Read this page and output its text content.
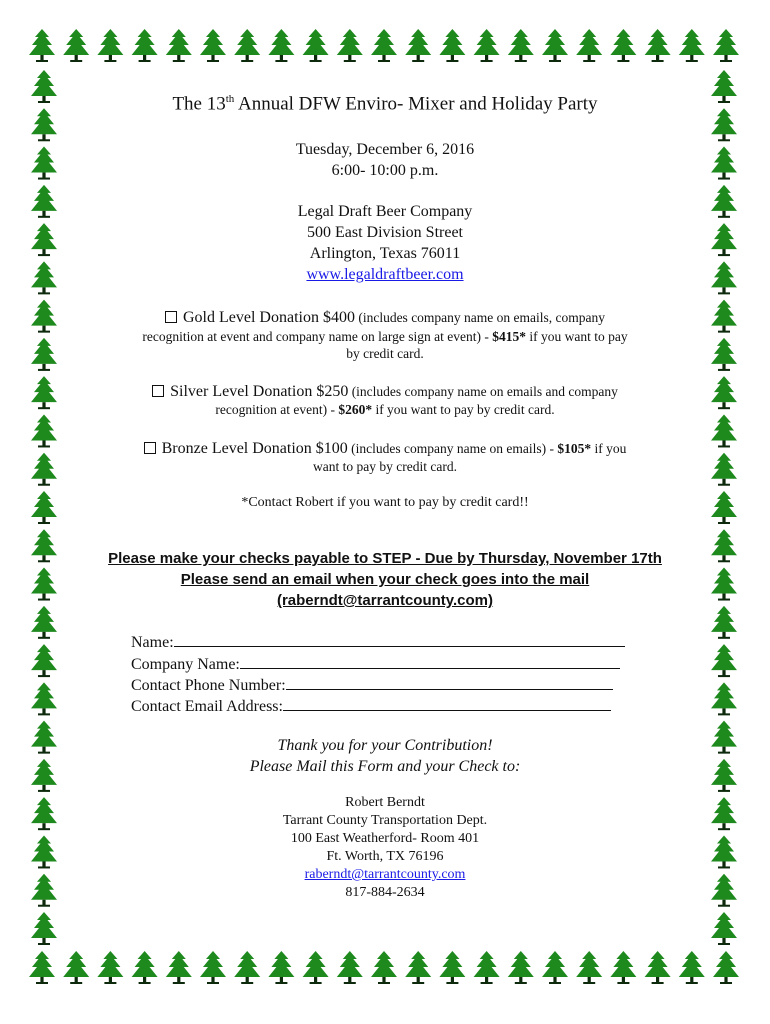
The 13th Annual DFW Enviro- Mixer and Holiday Party
Tuesday, December 6, 2016
6:00- 10:00 p.m.
Legal Draft Beer Company
500 East Division Street
Arlington, Texas 76011
www.legaldraftbeer.com
Gold Level Donation $400 (includes company name on emails, company
recognition at event and company name on large sign at event) - $415* if you want to pay
by credit card.
Silver Level Donation $250 (includes company name on emails and company
recognition at event) - $260* if you want to pay by credit card.
Bronze Level Donation $100 (includes company name on emails) - $105* if you
want to pay by credit card.
*Contact Robert if you want to pay by credit card!!
Please make your checks payable to STEP - Due by Thursday, November 17th
Please send an email when your check goes into the mail
(raberndt@tarrantcounty.com)
Name:
Company Name:
Contact Phone Number:
Contact Email Address:
Thank you for your Contribution!
Please Mail this Form and your Check to:
Robert Berndt
Tarrant County Transportation Dept.
100 East Weatherford- Room 401
Ft. Worth, TX 76196
raberndt@tarrantcounty.com
817-884-2634
